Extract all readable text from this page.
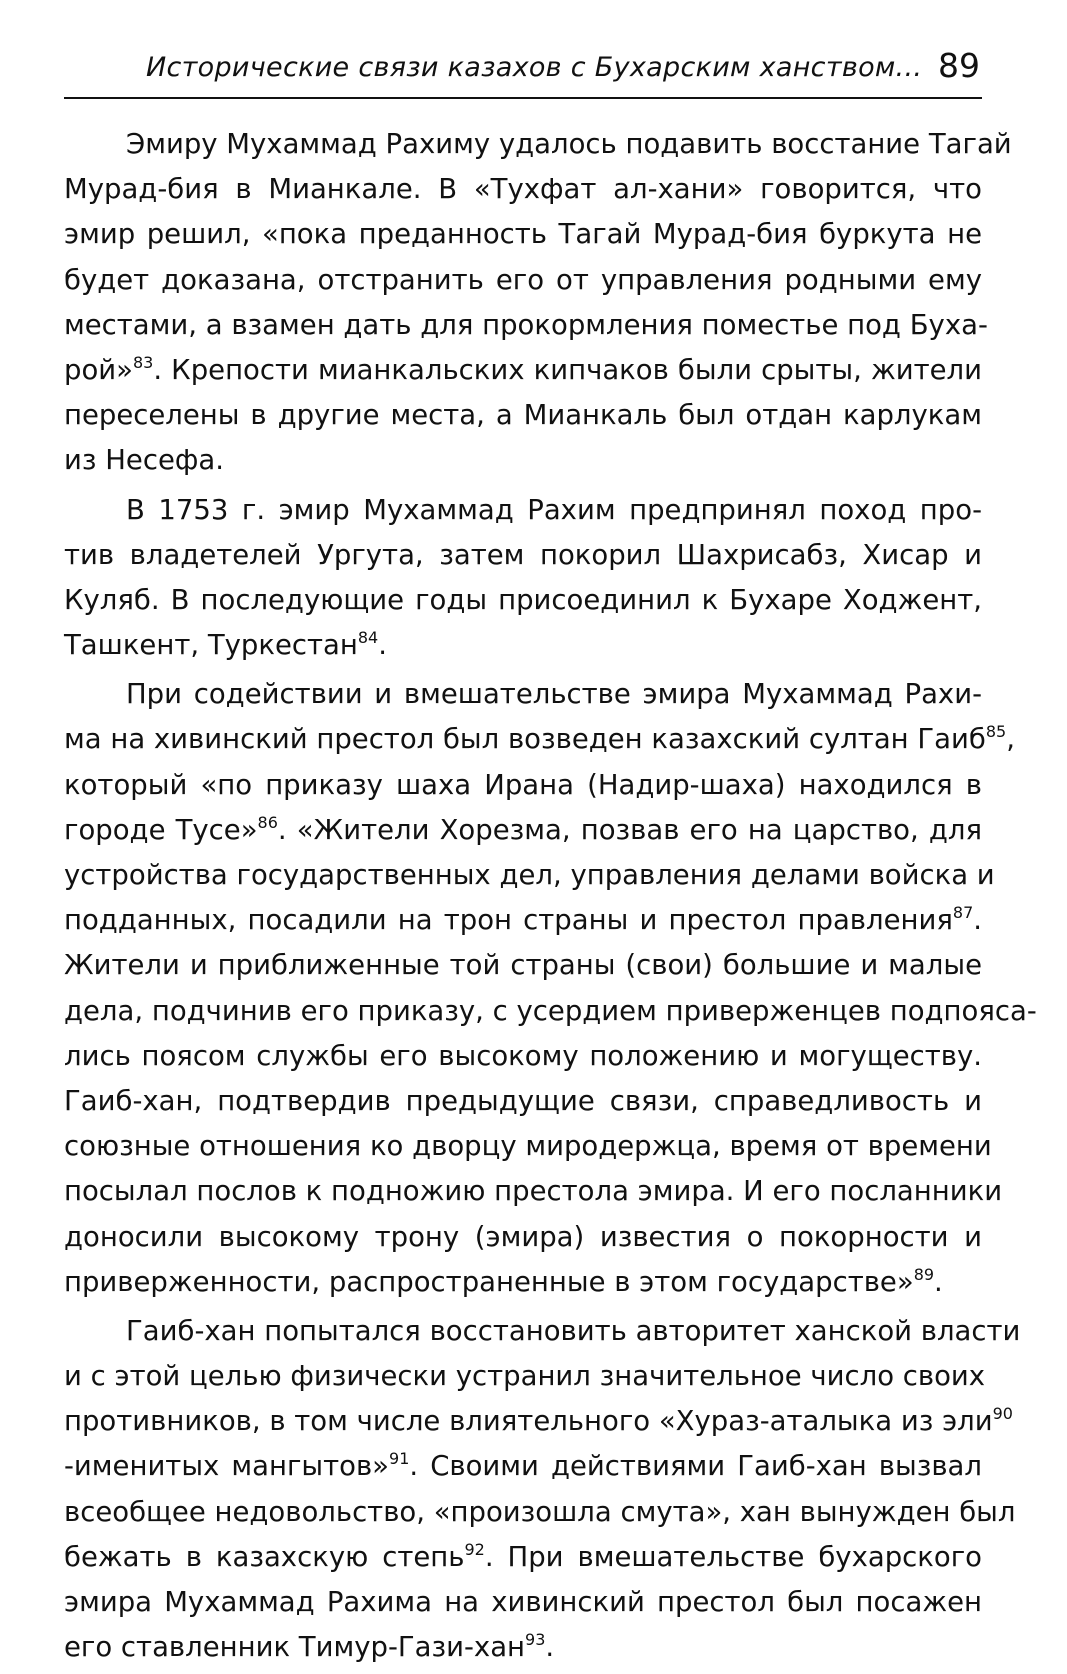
Исторические связи казахов с Бухарским ханством... 89
Эмиру Мухаммад Рахиму удалось подавить восстание Тагай
Мурад-бия в Мианкале. В «Тухфат ал-хани» говорится, что
эмир решил, «пока преданность Тагай Мурад-бия буркута не
будет доказана, отстранить его от управления родными ему
местами, а взамен дать для прокормления поместье под Буха-
рой»$^{83}$. Крепости мианкальских кипчаков были срыты, жители
переселены в другие места, а Мианкаль был отдан карлукам
из Несефа.
В 1753 г. эмир Мухаммад Рахим предпринял поход про-
тив владетелей Ургута, затем покорил Шахрисабз, Хисар и
Куляб. В последующие годы присоединил к Бухаре Ходжент,
Ташкент, Туркестан$^{84}$.
При содействии и вмешательстве эмира Мухаммад Рахи-
ма на хивинский престол был возведен казахский султан Гаиб$^{85}$,
который «по приказу шаха Ирана (Надир-шаха) находился в
городе Тусе»$^{86}$. «Жители Хорезма, позвав его на царство, для
устройства государственных дел, управления делами войска и
подданных, посадили на трон страны и престол правления$^{87}$.
Жители и приближенные той страны (свои) большие и малые
дела, подчинив его приказу, с усердием приверженцев подпояса-
лись поясом службы его высокому положению и могуществу.
Гаиб-хан, подтвердив предыдущие связи, справедливость и
союзные отношения ко дворцу миродержца, время от времени
посылал послов к подножию престола эмира. И его посланники
доносили высокому трону (эмира) известия о покорности и
приверженности, распространенные в этом государстве»$^{89}$.
Гаиб-хан попытался восстановить авторитет ханской власти
и с этой целью физически устранил значительное число своих
противников, в том числе влиятельного «Хураз-аталыка из эли$^{90}$
-именитых мангытов»$^{91}$. Своими действиями Гаиб-хан вызвал
всеобщее недовольство, «произошла смута», хан вынужден был
бежать в казахскую степь$^{92}$. При вмешательстве бухарского
эмира Мухаммад Рахима на хивинский престол был посажен
его ставленник Тимур-Гази-хан$^{93}$.
